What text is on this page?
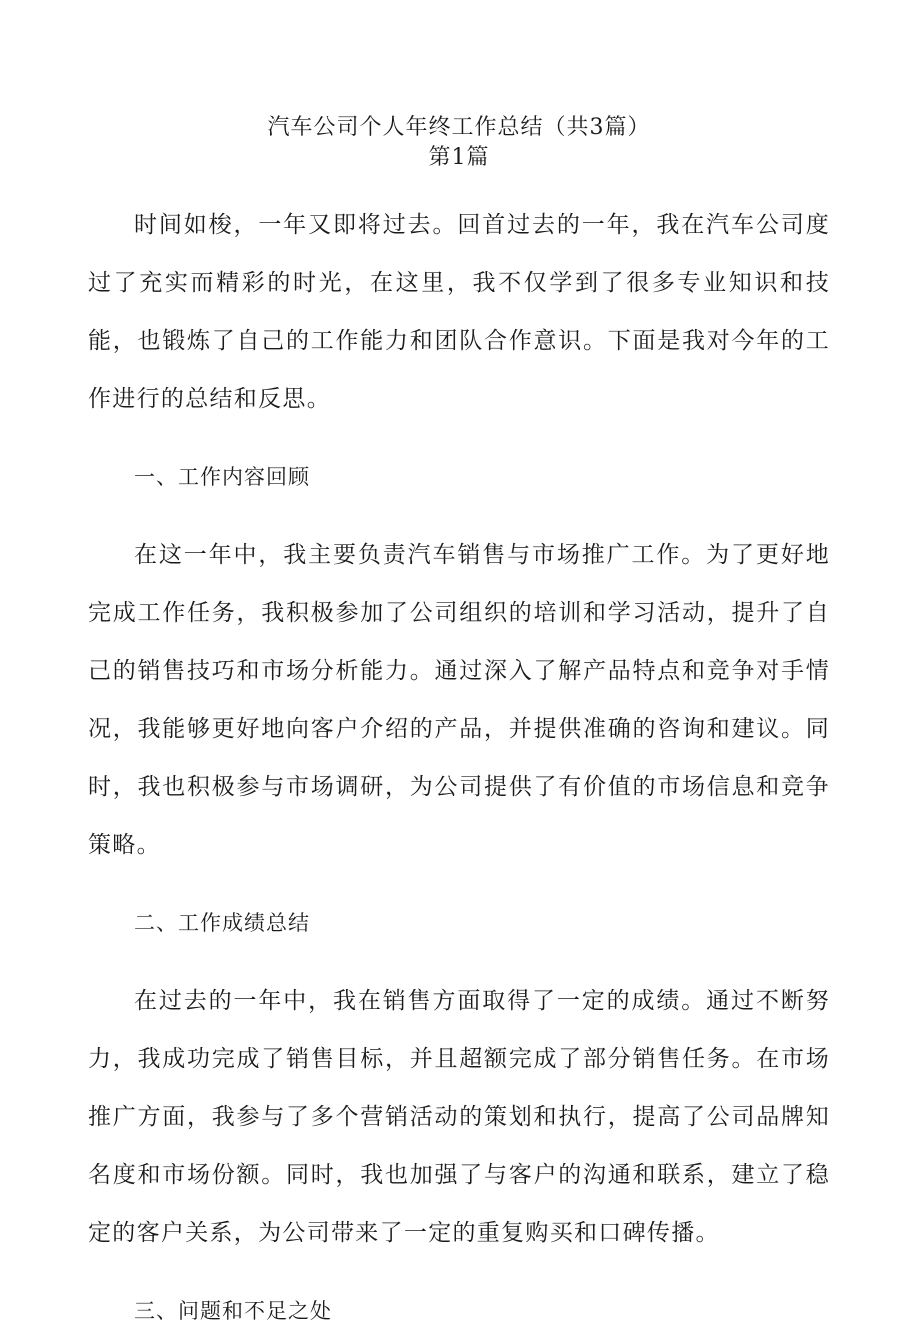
汽车公司个人年终工作总结（共3篇）
第1篇

时间如梭，一年又即将过去。回首过去的一年，我在汽车公司度过了充实而精彩的时光，在这里，我不仅学到了很多专业知识和技能，也锻炼了自己的工作能力和团队合作意识。下面是我对今年的工作进行的总结和反思。

一、工作内容回顾

在这一年中，我主要负责汽车销售与市场推广工作。为了更好地完成工作任务，我积极参加了公司组织的培训和学习活动，提升了自己的销售技巧和市场分析能力。通过深入了解产品特点和竞争对手情况，我能够更好地向客户介绍的产品，并提供准确的咨询和建议。同时，我也积极参与市场调研，为公司提供了有价值的市场信息和竞争策略。

二、工作成绩总结

在过去的一年中，我在销售方面取得了一定的成绩。通过不断努力，我成功完成了销售目标，并且超额完成了部分销售任务。在市场推广方面，我参与了多个营销活动的策划和执行，提高了公司品牌知名度和市场份额。同时，我也加强了与客户的沟通和联系，建立了稳定的客户关系，为公司带来了一定的重复购买和口碑传播。

三、问题和不足之处
